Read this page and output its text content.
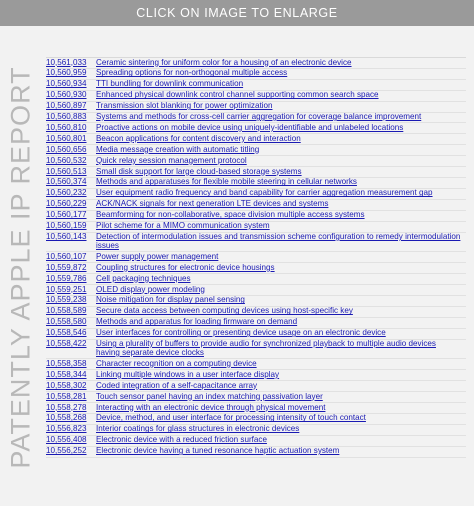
CLICK ON IMAGE TO ENLARGE
PATENTLY APPLE IP REPORT
10,561,033	Ceramic sintering for uniform color for a housing of an electronic device
10,560,959	Spreading options for non-orthogonal multiple access
10,560,934	TTI bundling for downlink communication
10,560,930	Enhanced physical downlink control channel supporting common search space
10,560,897	Transmission slot blanking for power optimization
10,560,883	Systems and methods for cross-cell carrier aggregation for coverage balance improvement
10,560,810	Proactive actions on mobile device using uniquely-identifiable and unlabeled locations
10,560,801	Beacon applications for content discovery and interaction
10,560,656	Media message creation with automatic titling
10,560,532	Quick relay session management protocol
10,560,513	Small disk support for large cloud-based storage systems
10,560,374	Methods and apparatuses for flexible mobile steering in cellular networks
10,560,232	User equipment radio frequency and band capability for carrier aggregation measurement gap
10,560,229	ACK/NACK signals for next generation LTE devices and systems
10,560,177	Beamforming for non-collaborative, space division multiple access systems
10,560,159	Pilot scheme for a MIMO communication system
10,560,143	Detection of intermodulation issues and transmission scheme configuration to remedy intermodulation issues
10,560,107	Power supply power management
10,559,872	Coupling structures for electronic device housings
10,559,786	Cell packaging techniques
10,559,251	OLED display power modeling
10,559,238	Noise mitigation for display panel sensing
10,558,589	Secure data access between computing devices using host-specific key
10,558,580	Methods and apparatus for loading firmware on demand
10,558,546	User interfaces for controlling or presenting device usage on an electronic device
10,558,422	Using a plurality of buffers to provide audio for synchronized playback to multiple audio devices having separate device clocks
10,558,358	Character recognition on a computing device
10,558,344	Linking multiple windows in a user interface display
10,558,302	Coded integration of a self-capacitance array
10,558,281	Touch sensor panel having an index matching passivation layer
10,558,278	Interacting with an electronic device through physical movement
10,558,268	Device, method, and user interface for processing intensity of touch contact
10,556,823	Interior coatings for glass structures in electronic devices
10,556,408	Electronic device with a reduced friction surface
10,556,252	Electronic device having a tuned resonance haptic actuation system
